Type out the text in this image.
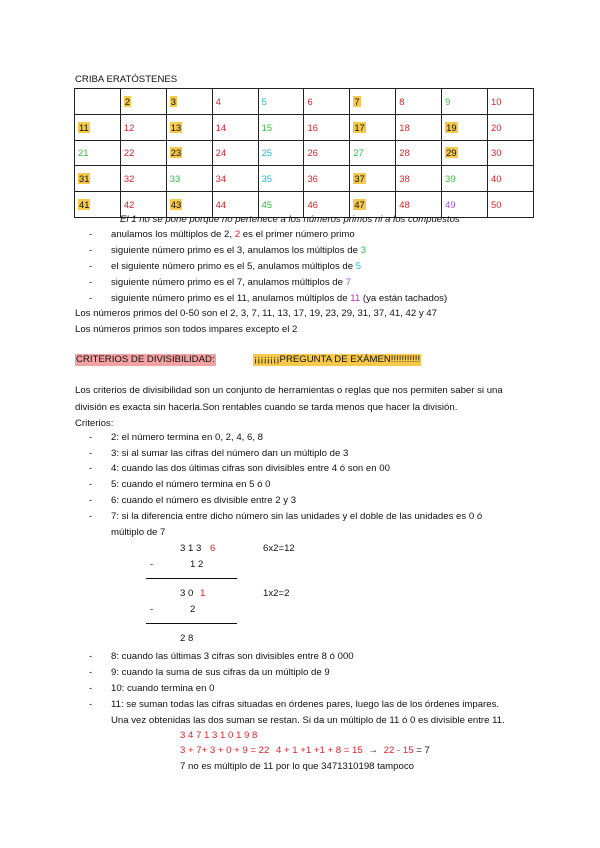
CRIBA ERATÓSTENES
	2	3	4	5	6	7	8	9	10
11	12	13	14	15	16	17	18	19	20
21	22	23	24	25	26	27	28	29	30
31	32	33	34	35	36	37	38	39	40
41	42	43	44	45	46	47	48	49	50
El 1 no se pone porque no pertenece a los números primos ni a los compuestos
- anulamos los múltiplos de 2, 2 es el primer número primo
- siguiente número primo es el 3, anulamos los múltiplos de 3
- el siguiente número primo es el 5, anulamos múltiplos de 5
- siguiente número primo es el 7, anulamos múltiplos de 7
- siguiente número primo es el 11, anulamos múltiplos de 11 (ya están tachados)
Los números primos del 0-50 son el 2, 3, 7, 11, 13, 17, 19, 23, 29, 31, 37, 41, 42 y 47
Los números primos son todos impares excepto el 2
CRITERIOS DE DIVISIBILIDAD:	¡¡¡¡¡¡¡¡PREGUNTA DE EXÁMEN!!!!!!!!!!!
Los criterios de divisibilidad son un conjunto de herramientas o reglas que nos permiten saber si una
división es exacta sin hacerla.Son rentables cuando se tarda menos que hacer la división.
Criterios:
- 2: el número termina en 0, 2, 4, 6, 8
- 3: si al sumar las cifras del número dan un múltiplo de 3
- 4: cuando las dos últimas cifras son divisibles entre 4 ó son en 00
- 5: cuando el número termina en 5 ó 0
- 6: cuando el número es divisible entre 2 y 3
- 7: si la diferencia entre dicho número sin las unidades y el doble de las unidades es 0 ó
múltiplo de 7
3 1 3 6	6x2=12
-	1 2
3 0 1	1x2=2
-	2
2 8
- 8: cuando las últimas 3 cifras son divisibles entre 8 ó 000
- 9: cuando la suma de sus cifras da un múltiplo de 9
- 10: cuando termina en 0
- 11: se suman todas las cifras situadas en órdenes pares, luego las de los órdenes impares.
Una vez obtenidas las dos suman se restan. Si da un múltiplo de 11 ó 0 es divisible entre 11.
3 4 7 1 3 1 0 1 9 8
3 + 7+ 3 + 0 + 9 = 22 4 + 1 +1 +1 + 8 = 15 → 22 - 15 = 7
7 no es múltiplo de 11 por lo que 3471310198 tampoco
